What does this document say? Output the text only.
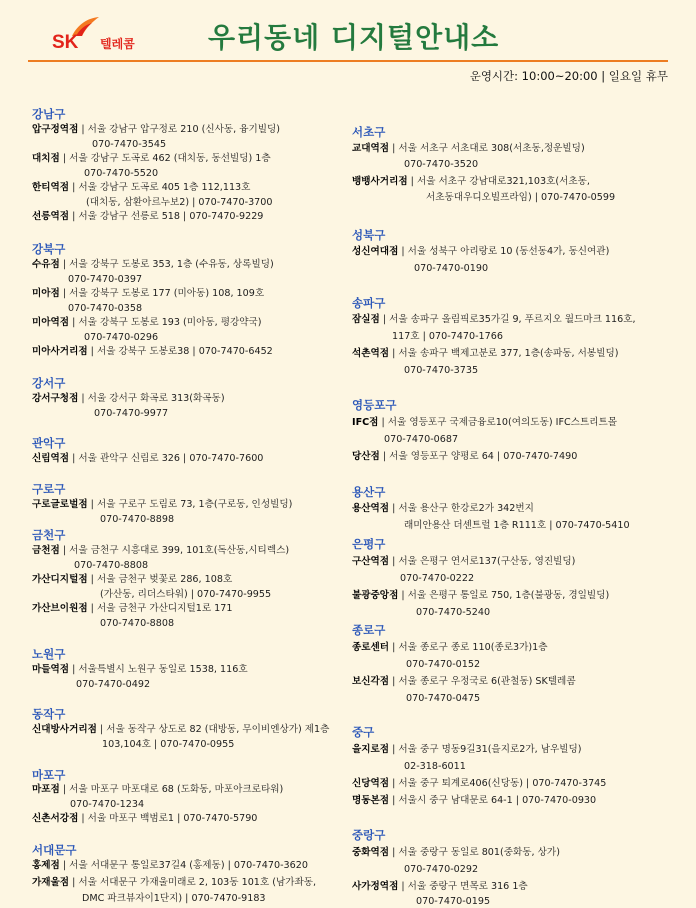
SK 텔레콤	우리동네 디지털안내소
운영시간: 10:00~20:00 | 일요일 휴무
강남구
압구정역점 | 서울 강남구 압구정로 210 (신사동, 융기빌딩)
070-7470-3545
대치점 | 서울 강남구 도곡로 462 (대치동, 동선빌딩) 1층
070-7470-5520
한티역점 | 서울 강남구 도곡로 405 1층 112,113호
(대치동, 삼환아르누보2) | 070-7470-3700
선릉역점 | 서울 강남구 선릉로 518 | 070-7470-9229
강북구
수유점 | 서울 강북구 도봉로 353, 1층 (수유동, 상록빌딩)
070-7470-0397
미아점 | 서울 강북구 도봉로 177 (미아동) 108, 109호
070-7470-0358
미아역점 | 서울 강북구 도봉로 193 (미아동, 평강약국)
070-7470-0296
미아사거리점 | 서울 강북구 도봉로38 | 070-7470-6452
강서구
강서구청점 | 서울 강서구 화곡로 313(화곡동)
070-7470-9977
관악구
신림역점 | 서울 관악구 신림로 326 | 070-7470-7600
구로구
구로글로벌점 | 서울 구로구 도림로 73, 1층(구로동, 인성빌딩)
070-7470-8898
금천구
금천점 | 서울 금천구 시흥대로 399, 101호(독산동,시티렉스)
070-7470-8808
가산디지털점 | 서울 금천구 벚꽃로 286, 108호
(가산동, 리더스타워) | 070-7470-9955
가산브이원점 | 서울 금천구 가산디지털1로 171
070-7470-8808
노원구
마들역점 | 서울특별시 노원구 동일로 1538, 116호
070-7470-0492
동작구
신대방사거리점 | 서울 동작구 상도로 82 (대방동, 무이비엔상가) 제1층
103,104호 | 070-7470-0955
마포구
마포점 | 서울 마포구 마포대로 68 (도화동, 마포아크로타워)
070-7470-1234
신촌서강점 | 서울 마포구 백범로1 | 070-7470-5790
서대문구
홍제점 | 서울 서대문구 통일로37길4 (홍제동) | 070-7470-3620
가재울점 | 서울 서대문구 가재울미래로 2, 103동 101호 (남가좌동,
DMC 파크뷰자이1단지) | 070-7470-9183
서초구
교대역점 | 서울 서초구 서초대로 308(서초동,정운빌딩)
070-7470-3520
뱅뱅사거리점 | 서울 서초구 강남대로321,103호(서초동,
서초동대우디오빌프라임) | 070-7470-0599
성북구
성신여대점 | 서울 성북구 아리랑로 10 (동선동4가, 동신여관)
070-7470-0190
송파구
잠실점 | 서울 송파구 올림픽로35가길 9, 푸르지오 월드마크 116호,
117호 | 070-7470-1766
석촌역점 | 서울 송파구 백제고분로 377, 1층(송파동, 서봉빌딩)
070-7470-3735
영등포구
IFC점 | 서울 영등포구 국제금융로10(여의도동) IFC스트리트몰
070-7470-0687
당산점 | 서울 영등포구 양평로 64 | 070-7470-7490
용산구
용산역점 | 서울 용산구 한강로2가 342번지
래미안용산 더센트럴 1층 R111호 | 070-7470-5410
은평구
구산역점 | 서울 은평구 연서로137(구산동, 영진빌딩)
070-7470-0222
불광중앙점 | 서울 은평구 통일로 750, 1층(불광동, 경일빌딩)
070-7470-5240
종로구
종로센터 | 서울 종로구 종로 110(종로3가)1층
070-7470-0152
보신각점 | 서울 종로구 우정국로 6(관철동) SK텔레콤
070-7470-0475
중구
을지로점 | 서울 중구 명동9길31(을지로2가, 남우빌딩)
02-318-6011
신당역점 | 서울 중구 퇴계로406(신당동) | 070-7470-3745
명동본점 | 서울시 중구 남대문로 64-1 | 070-7470-0930
중랑구
중화역점 | 서울 중랑구 동일로 801(중화동, 상가)
070-7470-0292
사가정역점 | 서울 중랑구 면목로 316 1층
070-7470-0195
